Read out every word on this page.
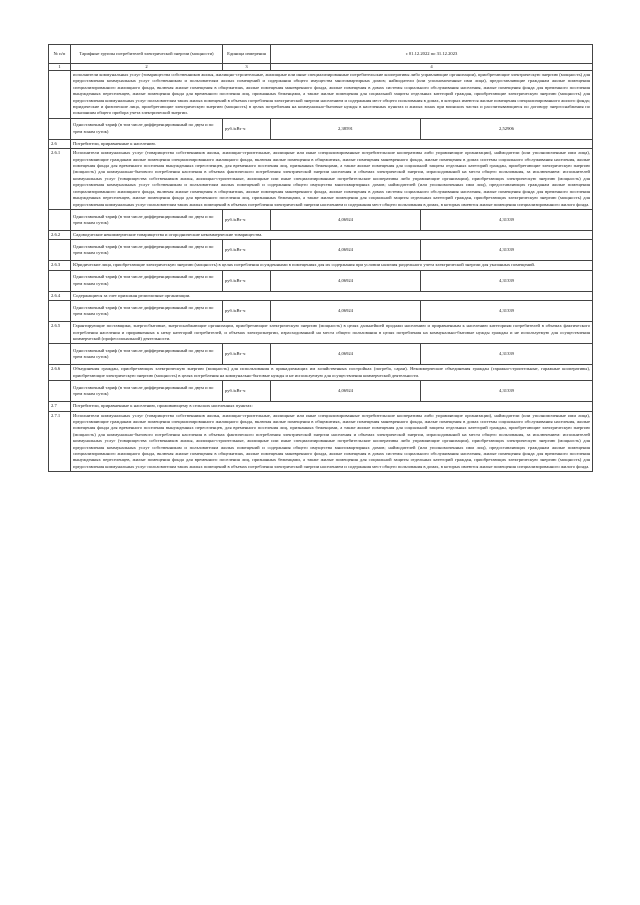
№ п/п	Тарифные группы потребителей электрической энергии (мощности)	Единица измерения	с 01.12.2022 по 31.12.2023	
1	2	3	4	
	исполнители коммунальных услуг (товарищества собственников жилья, жилищно-строительные, жилищные или иные специализированные потребительские кооперативы либо управляющие организации), приобретающие электрическую энергию (мощность) для предоставления коммунальных услуг собственникам и пользователям жилых помещений и содержания общего имущества многоквартирных домов; наймодатели (или уполномоченные ими лица), предоставляющие гражданам жилые помещения специализированного жилищного фонда, включая жилые помещения в общежитиях, жилые помещения маневренного фонда, жилые помещения в домах системы социального обслуживания населения, жилые помещения фонда для временного поселения вынужденных переселенцев, жилые помещения фонда для временного поселения лиц, признанных беженцами, а также жилые помещения для социальной защиты отдельных категорий граждан, приобретающие электрическую энергию (мощность) для предоставления коммунальных услуг пользователям таких жилых помещений в объемах потребления электрической энергии населением и содержания мест общего пользования в домах, в которых имеются жилые помещения специализированного жилого фонда; юридические и физические лица, приобретающие электрическую энергию (мощность) в целях потребления на коммунально-бытовые нужды в населенных пунктах и жилых зонах при воинских частях и рассчитывающиеся по договору энергоснабжения по показаниям общего прибора учета электрической энергии.			
	Одноставочный тариф (в том числе дифференцированный по двум и по трем зонам суток)	руб./кВт·ч	2,38591	2,52906
2.6	Потребители, приравненные к населению.			
2.6.1	Исполнители коммунальных услуг (товарищества собственников жилья, жилищно-строительные, жилищные или иные специализированные потребительские кооперативы либо управляющие организации), наймодатели (или уполномоченные ими лица), предоставляющие гражданам жилые помещения специализированного жилищного фонда, включая жилые помещения в общежитиях, жилые помещения маневренного фонда, жилые помещения в домах системы социального обслуживания населения, жилые помещения фонда для временного поселения вынужденных переселенцев, для временного поселения лиц, признанных беженцами, а также жилые помещения для социальной защиты отдельных категорий граждан, приобретающие электрическую энергию (мощность) для коммунально-бытового потребления населения в объемах фактического потребления электрической энергии населения и объемах электрической энергии, израсходованной на места общего пользования, за исключением: исполнителей коммунальных услуг (товарищества собственников жилья, жилищно-строительные, жилищные или иные специализированные потребительские кооперативы либо управляющие организации), приобретающих электрическую энергию (мощность) для предоставления коммунальных услуг собственникам и пользователям жилых помещений и содержания общего имущества многоквартирных домов; наймодателей (или уполномоченных ими лиц), предоставляющих гражданам жилые помещения специализированного жилищного фонда, включая жилые помещения в общежитиях, жилые помещения маневренного фонда, жилые помещения в домах системы социального обслуживания населения, жилые помещения фонда для временного поселения вынужденных переселенцев, жилые помещения фонда для временного поселения лиц, признанных беженцами, а также жилые помещения для социальной защиты отдельных категорий граждан, приобретающих электрическую энергию (мощность) для предоставления коммунальных услуг пользователям таких жилых помещений в объемах потребления электрической энергии населением и содержания мест общего пользования в домах, в которых имеются жилые помещения специализированного жилого фонда.			
	Одноставочный тариф (в том числе дифференцированный по двум и по трем зонам суток)	руб./кВт·ч	4,06924	4,31339
2.6.2	Садоводческие некоммерческие товарищества и огороднические некоммерческие товарищества.			
	Одноставочный тариф (в том числе дифференцированный по двум и по трем зонам суток)	руб./кВт·ч	4,06924	4,31339
2.6.3	Юридические лица, приобретающие электрическую энергию (мощность) в целях потребления осужденными в помещениях для их содержания при условии наличия раздельного учета электрической энергии для указанных помещений.			
	Одноставочный тариф (в том числе дифференцированный по двум и по трем зонам суток)	руб./кВт·ч	4,06924	4,31339
2.6.4	Содержащиеся за счет прихожан религиозные организации.			
	Одноставочный тариф (в том числе дифференцированный по двум и по трем зонам суток)	руб./кВт·ч	4,06924	4,31339
2.6.5	Гарантирующие поставщики, энергосбытовые, энергоснабжающие организации, приобретающие электрическую энергию (мощность) в целях дальнейшей продажи населению и приравненным к населению категориям потребителей в объемах фактического потребления населения и приравненных к нему категорий потребителей, и объемах электроэнергии, израсходованной на места общего пользования в целях потребления на коммунально-бытовые нужды граждан и не используемую для осуществления коммерческой (профессиональной) деятельности.			
	Одноставочный тариф (в том числе дифференцированный по двум и по трем зонам суток)	руб./кВт·ч	4,06924	4,31339
2.6.6	Объединения граждан, приобретающих электрическую энергию (мощность) для использования в принадлежащих им хозяйственных постройках (погреба, сараи). Некоммерческие объединения граждан (гаражно-строительные, гаражные кооперативы), приобретающие электрическую энергию (мощность) в целях потребления на коммунально-бытовые нужды и не используемую для осуществления коммерческой деятельности.			
	Одноставочный тариф (в том числе дифференцированный по двум и по трем зонам суток)	руб./кВт·ч	4,06924	4,31339
2.7	Потребители, приравненные к населению, проживающему в сельских населенных пунктах:			
2.7.1	Исполнители коммунальных услуг (товарищества собственников жилья, жилищно-строительные, жилищные или иные специализированные потребительские кооперативы либо управляющие организации), наймодатели (или уполномоченные ими лица), предоставляющие гражданам жилые помещения специализированного жилищного фонда, включая жилые помещения в общежитиях, жилые помещения маневренного фонда, жилые помещения в домах системы социального обслуживания населения, жилые помещения фонда для временного поселения вынужденных переселенцев, для временного поселения лиц, признанных беженцами, а также жилые помещения для социальной защиты отдельных категорий граждан, приобретающие электрическую энергию (мощность) для коммунально-бытового потребления населения в объемах фактического потребления электрической энергии населения и объемах электрической энергии, израсходованной на места общего пользования, за исключением: исполнителей коммунальных услуг (товарищества собственников жилья, жилищно-строительные, жилищные или иные специализированные потребительские кооперативы либо управляющие организации), приобретающих электрическую энергию (мощность) для предоставления коммунальных услуг собственникам и пользователям жилых помещений и содержания общего имущества многоквартирных домов; наймодателей (или уполномоченных ими лиц), предоставляющих гражданам жилые помещения специализированного жилищного фонда, включая жилые помещения в общежитиях, жилые помещения маневренного фонда, жилые помещения в домах системы социального обслуживания населения, жилые помещения фонда для временного поселения вынужденных переселенцев, жилые помещения фонда для временного поселения лиц, признанных беженцами, а также жилые помещения для социальной защиты отдельных категорий граждан, приобретающих электрическую энергию (мощность) для предоставления коммунальных услуг пользователям таких жилых помещений в объемах потребления электрической энергии населением и содержания мест общего пользования в домах, в которых имеются жилые помещения специализированного жилого фонда.			
